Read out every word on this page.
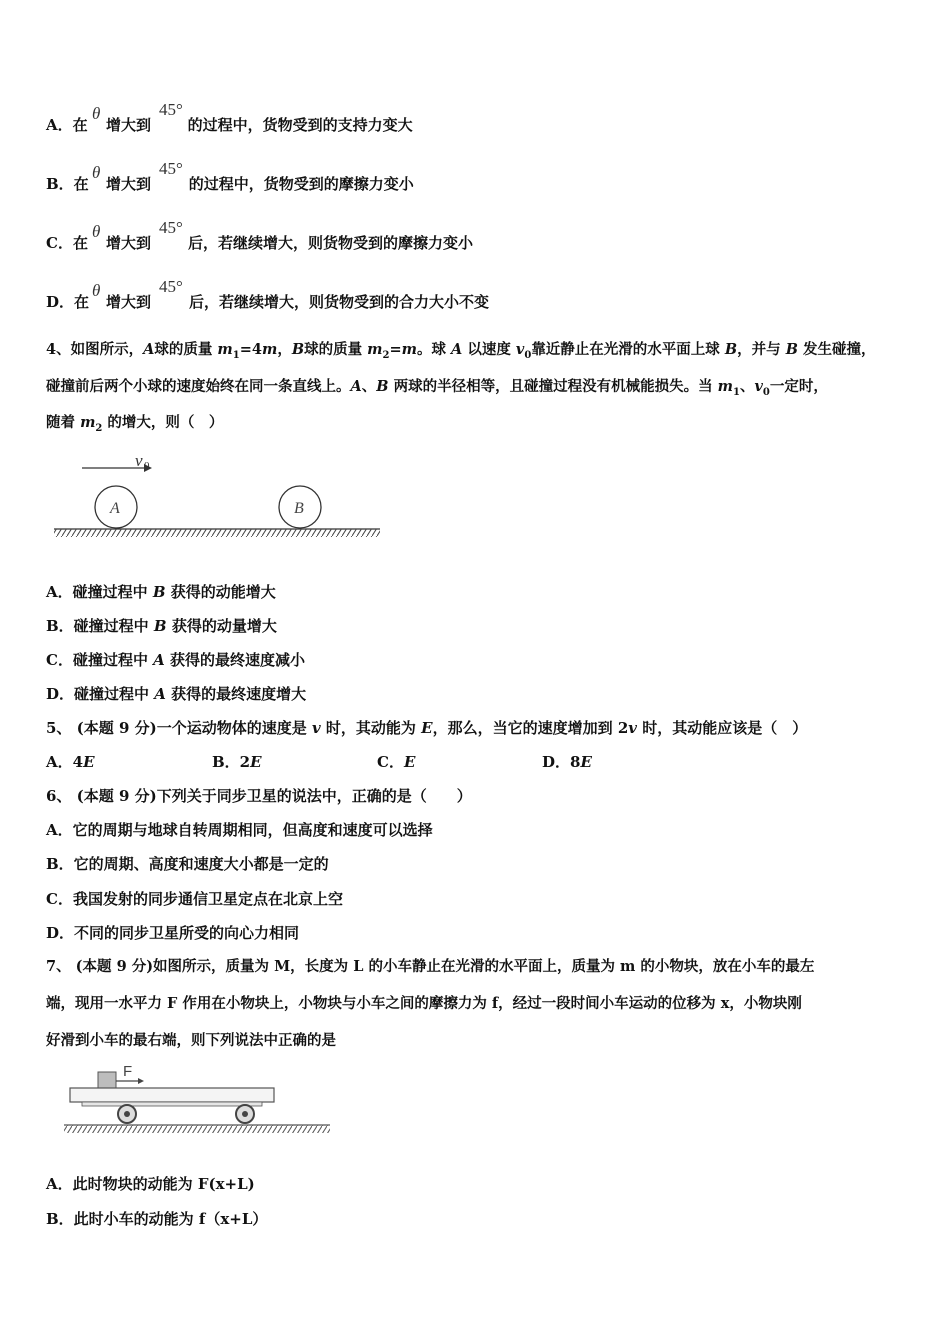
A．在	的过程中，货物受到的支持力变大
θ
增大到
45°
B．在	的过程中，货物受到的摩擦力变小
θ
增大到
45°
C．在	后，若继续增大，则货物受到的摩擦力变小
θ
增大到
45°
D．在	后，若继续增大，则货物受到的合力大小不变
θ
增大到
45°
4、如图所示，A球的质量 $m_1=4m$，B球的质量 $m_2=m$。球 A 以速度 $v_0$靠近静止在光滑的水平面上球 B，并与 B 发生碰撞，
碰撞前后两个小球的速度始终在同一条直线上。A、B 两球的半径相等，且碰撞过程没有机械能损失。当 $m_1$、$v_0$一定时，
随着 $m_2$ 的增大，则（　）
v 0
A	B
A．碰撞过程中 B 获得的动能增大
B．碰撞过程中 B 获得的动量增大
C．碰撞过程中 A 获得的最终速度减小
D．碰撞过程中 A 获得的最终速度增大
5、 (本题 9 分)一个运动物体的速度是 v 时，其动能为 E，那么，当它的速度增加到 2v 时，其动能应该是（　）
A．4E	B．2E	C．E	D．8E
6、 (本题 9 分)下列关于同步卫星的说法中，正确的是（　　）
A．它的周期与地球自转周期相同，但高度和速度可以选择
B．它的周期、高度和速度大小都是一定的
C．我国发射的同步通信卫星定点在北京上空
D．不同的同步卫星所受的向心力相同
7、 (本题 9 分)如图所示，质量为 M，长度为 L 的小车静止在光滑的水平面上，质量为 m 的小物块，放在小车的最左
端，现用一水平力 F 作用在小物块上，小物块与小车之间的摩擦力为 f，经过一段时间小车运动的位移为 x，小物块刚
好滑到小车的最右端，则下列说法中正确的是
F
A．此时物块的动能为 F(x+L)
B．此时小车的动能为 f（x+L）
